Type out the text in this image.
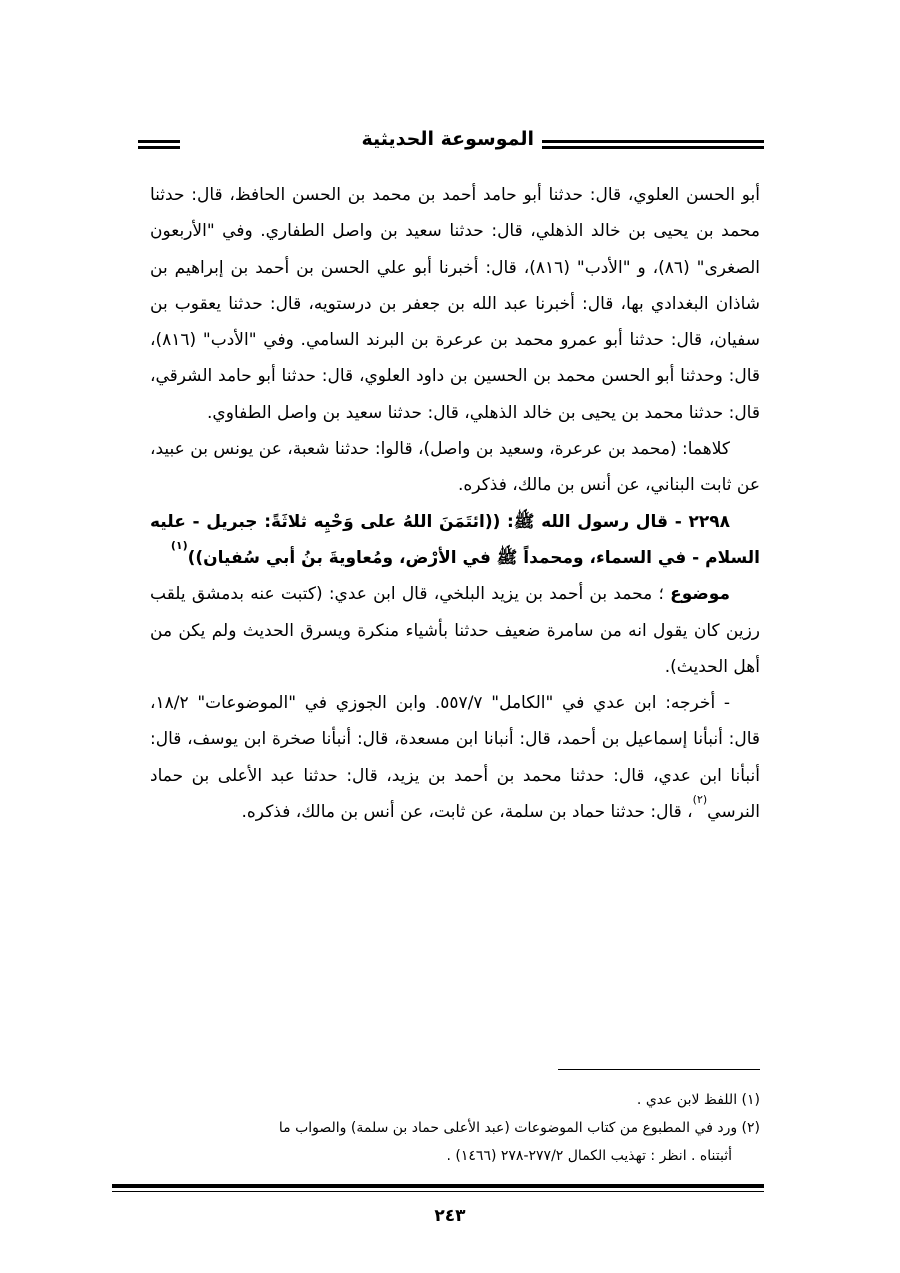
الموسوعة الحديثية

أبو الحسن العلوي، قال: حدثنا أبو حامد أحمد بن محمد بن الحسن الحافظ، قال: حدثنا محمد بن يحيى بن خالد الذهلي، قال: حدثنا سعيد بن واصل الطفاري. وفي "الأربعون الصغرى" (٨٦)، و "الأدب" (٨١٦)، قال: أخبرنا أبو علي الحسن بن أحمد بن إبراهيم بن شاذان البغدادي بها، قال: أخبرنا عبد الله بن جعفر بن درستويه، قال: حدثنا يعقوب بن سفيان، قال: حدثنا أبو عمرو محمد بن عرعرة بن البرند السامي. وفي "الأدب" (٨١٦)، قال: وحدثنا أبو الحسن محمد بن الحسين بن داود العلوي، قال: حدثنا أبو حامد الشرقي، قال: حدثنا محمد بن يحيى بن خالد الذهلي، قال: حدثنا سعيد بن واصل الطفاوي.

كلاهما: (محمد بن عرعرة، وسعيد بن واصل)، قالوا: حدثنا شعبة، عن يونس بن عبيد، عن ثابت البناني، عن أنس بن مالك، فذكره.

٢٢٩٨ - قال رسول الله ﷺ: ((ائتَمَنَ اللهُ على وَحْيِه ثلاثَةً: جبريل - عليه السلام - في السماء، ومحمداً ﷺ في الأرْض، ومُعاويةَ بنُ أبي سُفيان))$^{(١)}$

موضوع ؛ محمد بن أحمد بن يزيد البلخي، قال ابن عدي: (كتبت عنه بدمشق يلقب رزين كان يقول انه من سامرة ضعيف حدثنا بأشياء منكرة ويسرق الحديث ولم يكن من أهل الحديث).

- أخرجه: ابن عدي في "الكامل" ٥٥٧/٧. وابن الجوزي في "الموضوعات" ١٨/٢، قال: أنبأنا إسماعيل بن أحمد، قال: أنبانا ابن مسعدة، قال: أنبأنا صخرة ابن يوسف، قال: أنبأنا ابن عدي، قال: حدثنا محمد بن أحمد بن يزيد، قال: حدثنا عبد الأعلى بن حماد النرسي$^{(٢)}$، قال: حدثنا حماد بن سلمة، عن ثابت، عن أنس بن مالك، فذكره.

(١) اللفظ لابن عدي .

(٢) ورد في المطبوع من كتاب الموضوعات (عبد الأعلى حماد بن سلمة) والصواب ما

أثبتناه . انظر : تهذيب الكمال ٢٧٧/٢-٢٧٨ (١٤٦٦) .

٢٤٣
